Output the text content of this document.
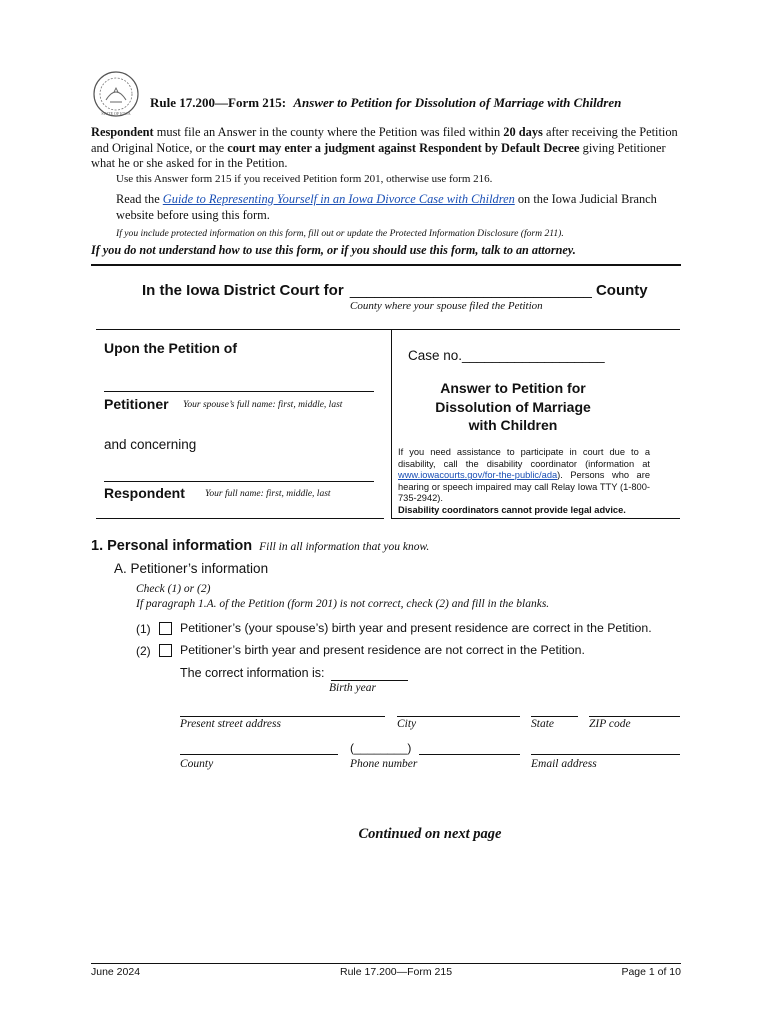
STATE OF IOWA
Rule 17.200—Form 215: Answer to Petition for Dissolution of Marriage with Children
Respondent must file an Answer in the county where the Petition was filed within 20 days after receiving the Petition and Original Notice, or the court may enter a judgment against Respondent by Default Decree giving Petitioner what he or she asked for in the Petition.
Use this Answer form 215 if you received Petition form 201, otherwise use form 216.
Read the Guide to Representing Yourself in an Iowa Divorce Case with Children on the Iowa Judicial Branch website before using this form.
If you include protected information on this form, fill out or update the Protected Information Disclosure (form 211).
If you do not understand how to use this form, or if you should use this form, talk to an attorney.
In the Iowa District Court for _____________________________ County
County where your spouse filed the Petition
Upon the Petition of
Petitioner Your spouse’s full name: first, middle, last
and concerning
Respondent Your full name: first, middle, last
Case no.___________________
Answer to Petition for
Dissolution of Marriage
with Children
If you need assistance to participate in court due to a disability, call the disability coordinator (information at www.iowacourts.gov/for-the-public/ada). Persons who are hearing or speech impaired may call Relay Iowa TTY (1-800-735-2942).
Disability coordinators cannot provide legal advice.
1. Personal information Fill in all information that you know.
A. Petitioner’s information
Check (1) or (2)
If paragraph 1.A. of the Petition (form 201) is not correct, check (2) and fill in the blanks.
(1) Petitioner’s (your spouse’s) birth year and present residence are correct in the Petition.
(2) Petitioner’s birth year and present residence are not correct in the Petition.
The correct information is:
Birth year
Present street address	City	State	ZIP code
(________)
County	Phone number	Email address
Continued on next page
June 2024	Rule 17.200—Form 215	Page 1 of 10
